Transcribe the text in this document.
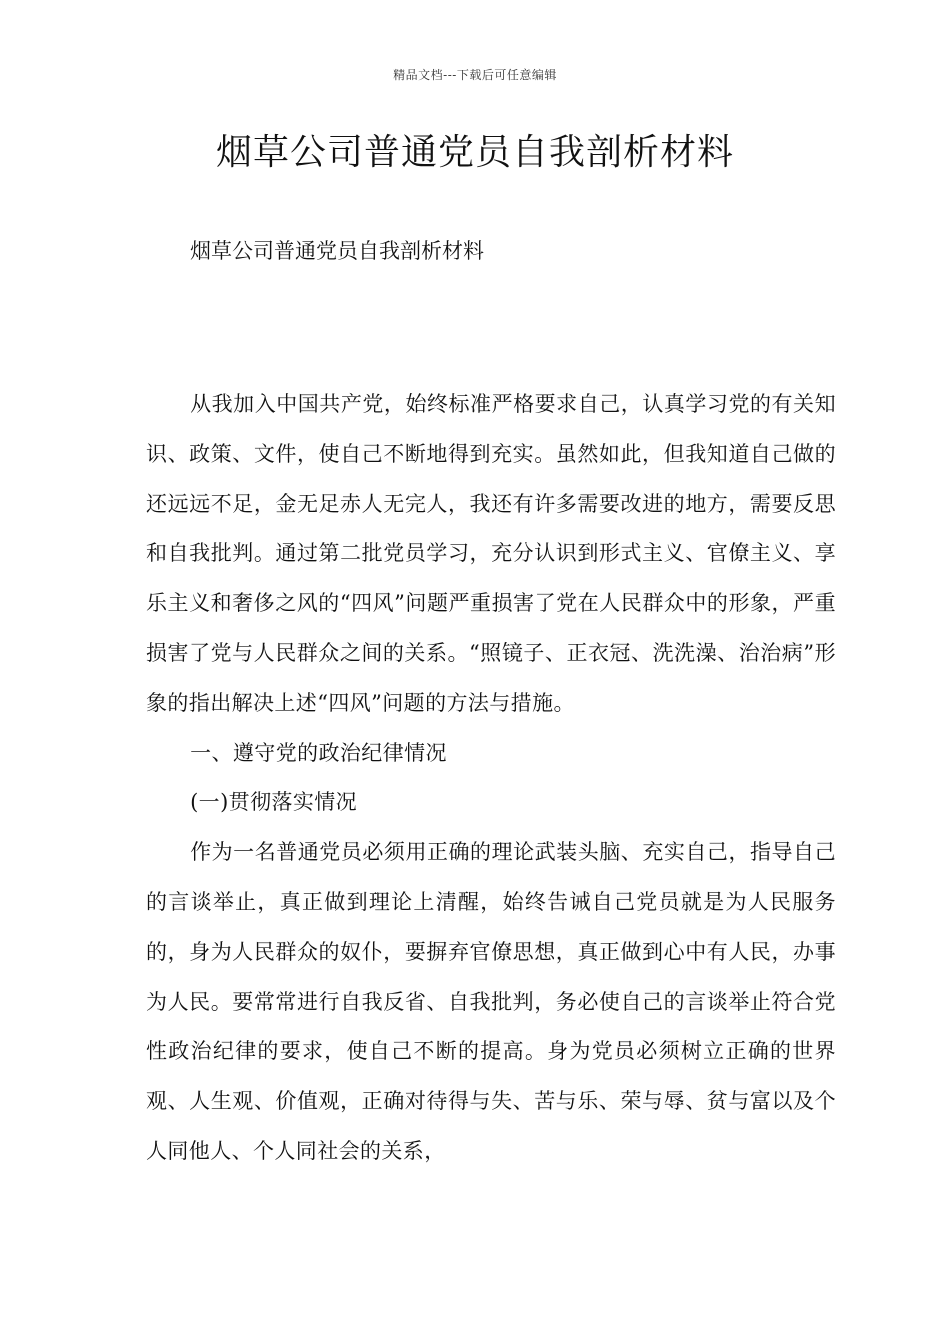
精品文档---下载后可任意编辑
烟草公司普通党员自我剖析材料
烟草公司普通党员自我剖析材料

从我加入中国共产党，始终标准严格要求自己，认真学习党的有关知识、政策、文件，使自己不断地得到充实。虽然如此，但我知道自己做的还远远不足，金无足赤人无完人，我还有许多需要改进的地方，需要反思和自我批判。通过第二批党员学习，充分认识到形式主义、官僚主义、享乐主义和奢侈之风的“四风”问题严重损害了党在人民群众中的形象，严重损害了党与人民群众之间的关系。“照镜子、正衣冠、洗洗澡、治治病”形象的指出解决上述“四风”问题的方法与措施。

一、遵守党的政治纪律情况

(一)贯彻落实情况

作为一名普通党员必须用正确的理论武装头脑、充实自己，指导自己的言谈举止，真正做到理论上清醒，始终告诫自己党员就是为人民服务的，身为人民群众的奴仆，要摒弃官僚思想，真正做到心中有人民，办事为人民。要常常进行自我反省、自我批判，务必使自己的言谈举止符合党性政治纪律的要求，使自己不断的提高。身为党员必须树立正确的世界观、人生观、价值观，正确对待得与失、苦与乐、荣与辱、贫与富以及个人同他人、个人同社会的关系，
